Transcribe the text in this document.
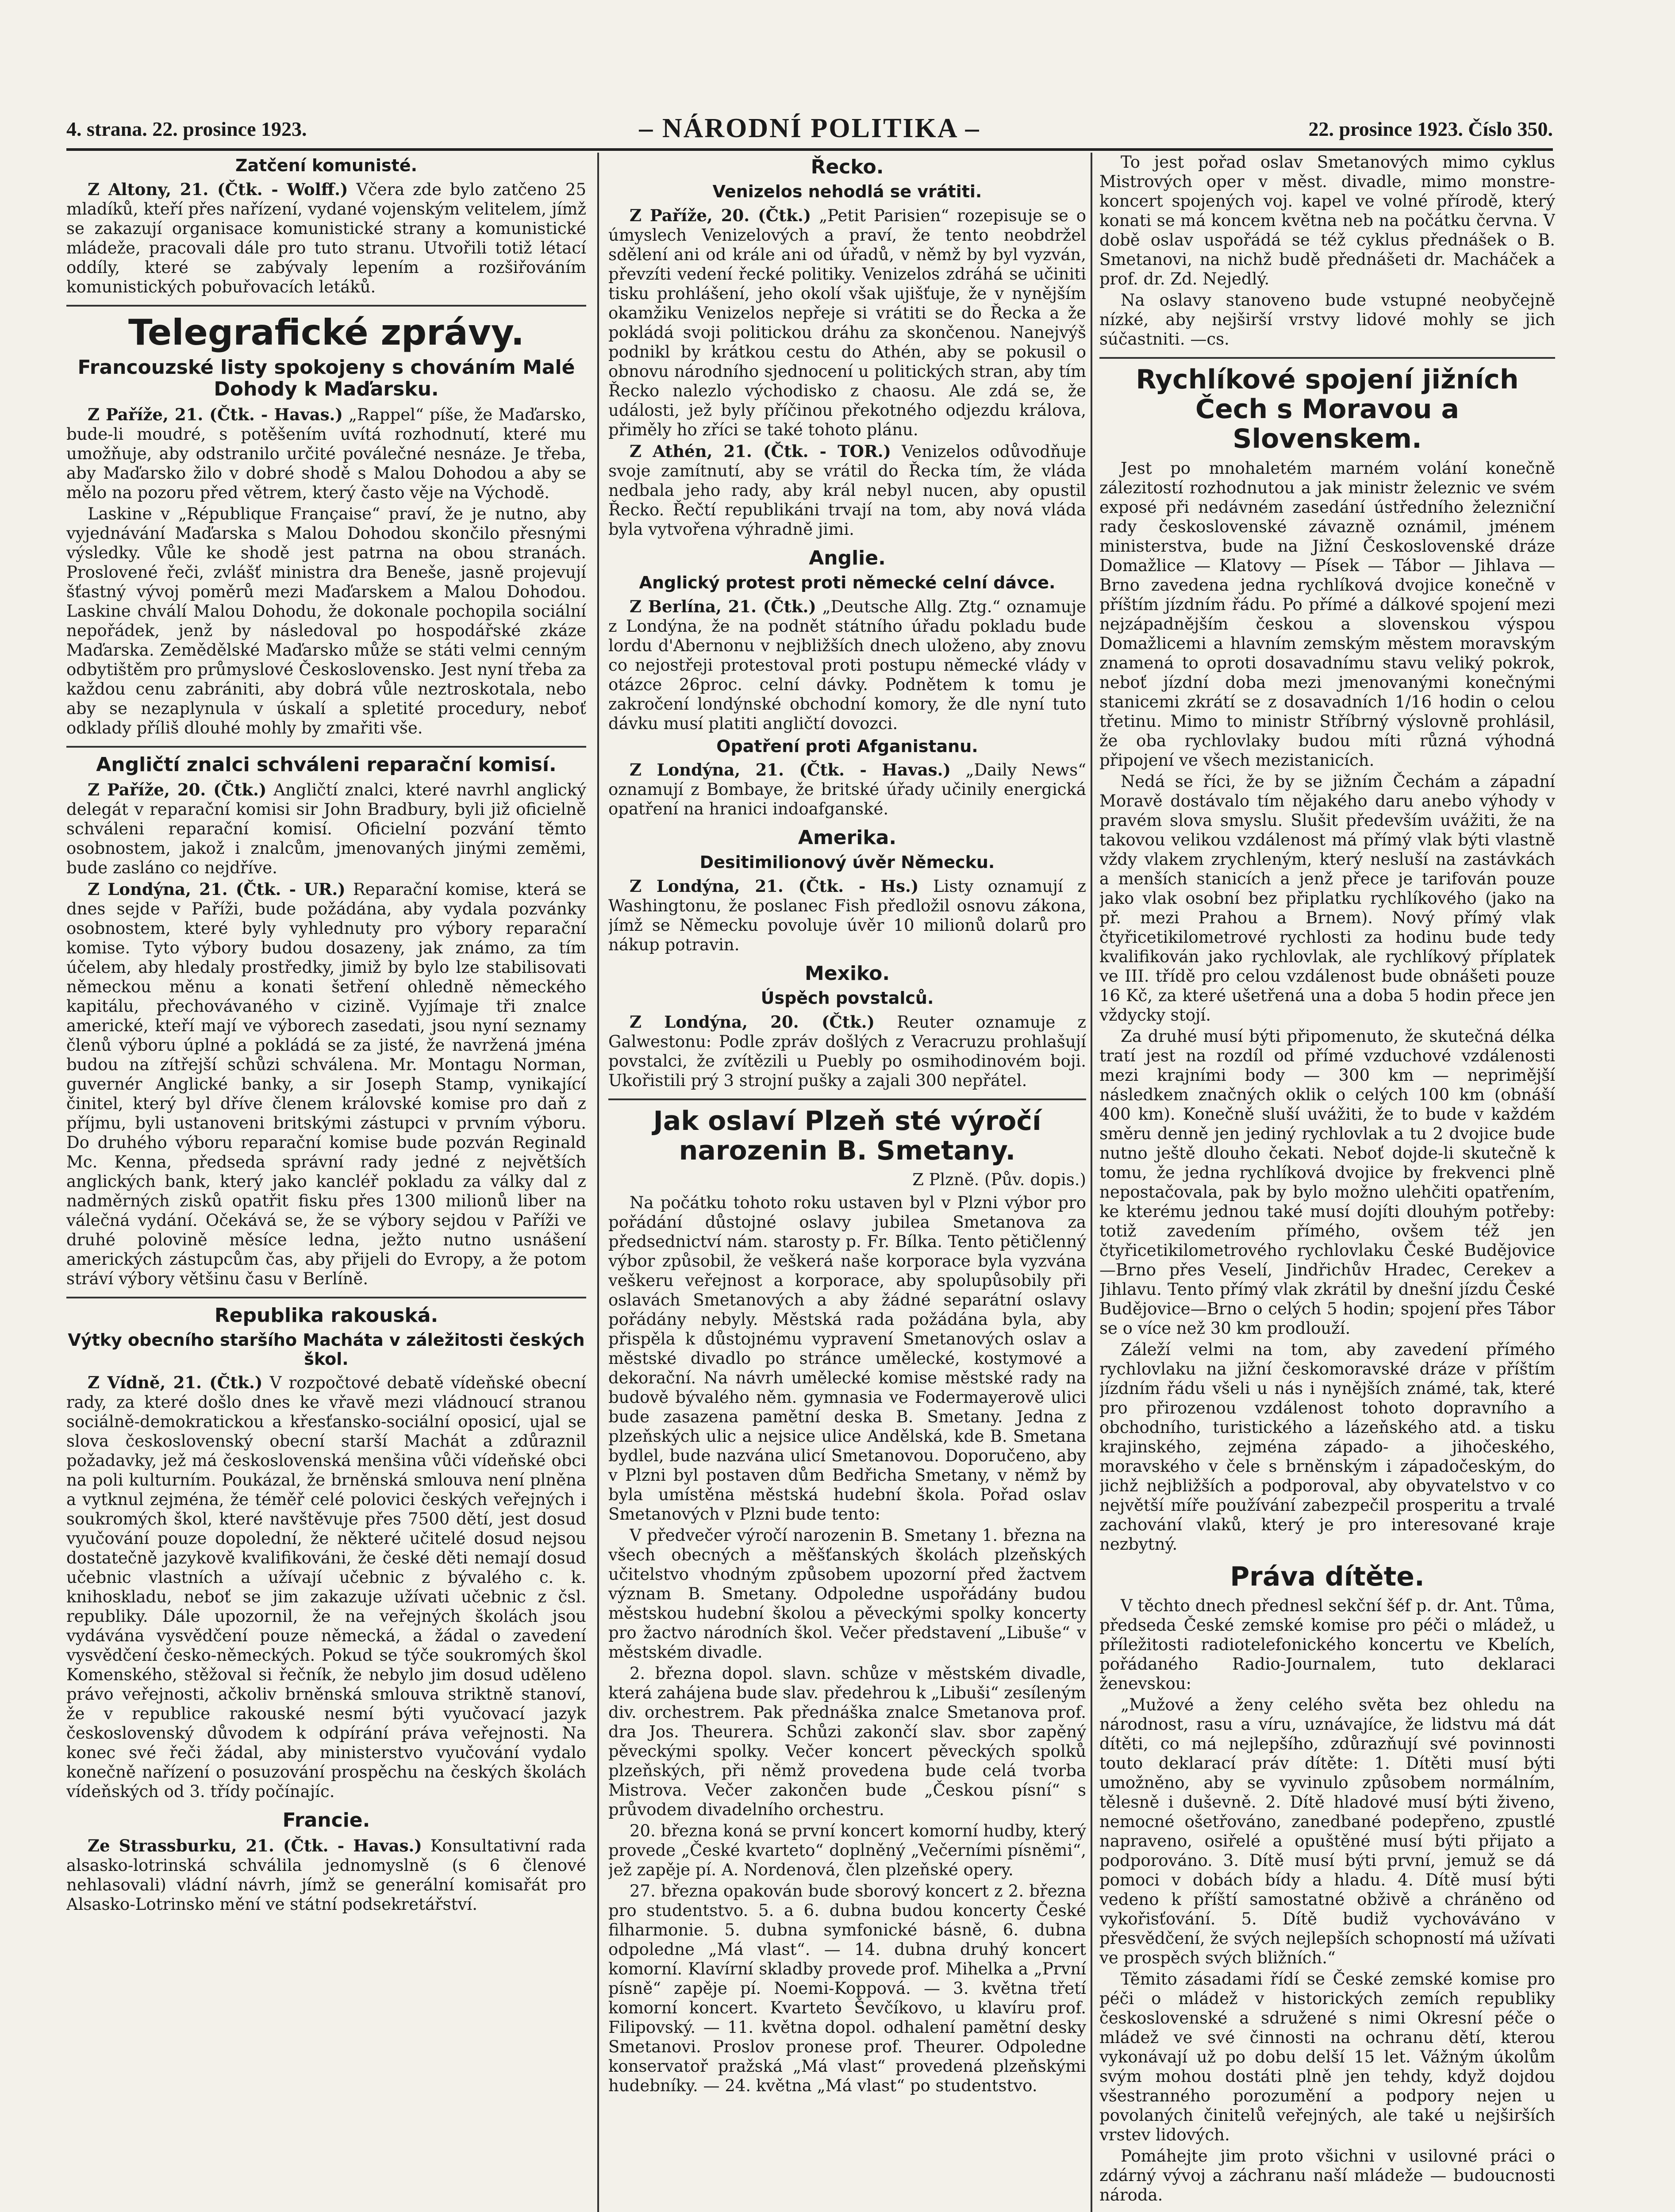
4. strana. 22. prosince 1923.	– NÁRODNÍ POLITIKA –	22. prosince 1923. Číslo 350.
Zatčení komunisté.

Z Altony, 21. (Čtk. - Wolff.) Včera zde bylo zatčeno 25 mladíků, kteří přes nařízení, vydané vojenským velitelem, jímž se zakazují organisace komunistické strany a komunistické mládeže, pracovali dále pro tuto stranu. Utvořili totiž létací oddíly, které se zabývaly lepením a rozšiřováním komunistických pobuřovacích letáků.

Telegrafické zprávy.
Francouzské listy spokojeny s chováním Malé Dohody k Maďarsku.

Z Paříže, 21. (Čtk. - Havas.) „Rappel“ píše, že Maďarsko, bude-li moudré, s potěšením uvítá rozhodnutí, které mu umožňuje, aby odstranilo určité poválečné nesnáze. Je třeba, aby Maďarsko žilo v dobré shodě s Malou Dohodou a aby se mělo na pozoru před větrem, který často věje na Východě.

Laskine v „République Française“ praví, že je nutno, aby vyjednávání Maďarska s Malou Dohodou skončilo přesnými výsledky. Vůle ke shodě jest patrna na obou stranách. Proslovené řeči, zvlášť ministra dra Beneše, jasně projevují šťastný vývoj poměrů mezi Maďarskem a Malou Dohodou. Laskine chválí Malou Dohodu, že dokonale pochopila sociální nepořádek, jenž by následoval po hospodářské zkáze Maďarska. Zemědělské Maďarsko může se státi velmi cenným odbytištěm pro průmyslové Československo. Jest nyní třeba za každou cenu zabrániti, aby dobrá vůle neztroskotala, nebo aby se nezaplynula v úskalí a spletité procedury, neboť odklady příliš dlouhé mohly by zmařiti vše.

Angličtí znalci schváleni reparační komisí.

Z Paříže, 20. (Čtk.) Angličtí znalci, které navrhl anglický delegát v reparační komisi sir John Bradbury, byli již oficielně schváleni reparační komisí. Oficielní pozvání těmto osobnostem, jakož i znalcům, jmenovaných jinými zeměmi, bude zasláno co nejdříve.

Z Londýna, 21. (Čtk. - UR.) Reparační komise, která se dnes sejde v Paříži, bude požádána, aby vydala pozvánky osobnostem, které byly vyhlednuty pro výbory reparační komise. Tyto výbory budou dosazeny, jak známo, za tím účelem, aby hledaly prostředky, jimiž by bylo lze stabilisovati německou měnu a konati šetření ohledně německého kapitálu, přechovávaného v cizině. Vyjímaje tři znalce americké, kteří mají ve výborech zasedati, jsou nyní seznamy členů výboru úplné a pokládá se za jisté, že navržená jména budou na zítřejší schůzi schválena. Mr. Montagu Norman, guvernér Anglické banky, a sir Joseph Stamp, vynikající činitel, který byl dříve členem královské komise pro daň z příjmu, byli ustanoveni britskými zástupci v prvním výboru. Do druhého výboru reparační komise bude pozván Reginald Mc. Kenna, předseda správní rady jedné z největších anglických bank, který jako kancléř pokladu za války dal z nadměrných zisků opatřit fisku přes 1300 milionů liber na válečná vydání. Očekává se, že se výbory sejdou v Paříži ve druhé polovině měsíce ledna, ježto nutno usnášení amerických zástupcům čas, aby přijeli do Evropy, a že potom stráví výbory většinu času v Berlíně.

Republika rakouská.
Výtky obecního staršího Macháta v záležitosti českých škol.

Z Vídně, 21. (Čtk.) V rozpočtové debatě vídeňské obecní rady, za které došlo dnes ke vřavě mezi vládnoucí stranou sociálně-demokratickou a křesťansko-sociální oposicí, ujal se slova československý obecní starší Machát a zdůraznil požadavky, jež má československá menšina vůči vídeňské obci na poli kulturním. Poukázal, že brněnská smlouva není plněna a vytknul zejména, že téměř celé polovici českých veřejných i soukromých škol, které navštěvuje přes 7500 dětí, jest dosud vyučování pouze dopolední, že některé učitelé dosud nejsou dostatečně jazykově kvalifikováni, že české děti nemají dosud učebnic vlastních a užívají učebnic z bývalého c. k. knihoskladu, neboť se jim zakazuje užívati učebnic z čsl. republiky. Dále upozornil, že na veřejných školách jsou vydávána vysvědčení pouze německá, a žádal o zavedení vysvědčení česko-německých. Pokud se týče soukromých škol Komenského, stěžoval si řečník, že nebylo jim dosud uděleno právo veřejnosti, ačkoliv brněnská smlouva striktně stanoví, že v republice rakouské nesmí býti vyučovací jazyk československý důvodem k odpírání práva veřejnosti. Na konec své řeči žádal, aby ministerstvo vyučování vydalo konečně nařízení o posuzování prospěchu na českých školách vídeňských od 3. třídy počínajíc.

Francie.

Ze Strassburku, 21. (Čtk. - Havas.) Konsultativní rada alsasko-lotrinská schválila jednomyslně (s 6 členové nehlasovali) vládní návrh, jímž se generální komisařát pro Alsasko-Lotrinsko mění ve státní podsekretářství.

Řecko.
Venizelos nehodlá se vrátiti.

Z Paříže, 20. (Čtk.) „Petit Parisien“ rozepisuje se o úmyslech Venizelových a praví, že tento neobdržel sdělení ani od krále ani od úřadů, v němž by byl vyzván, převzíti vedení řecké politiky. Venizelos zdráhá se učiniti tisku prohlášení, jeho okolí však ujišťuje, že v nynějším okamžiku Venizelos nepřeje si vrátiti se do Řecka a že pokládá svoji politickou dráhu za skončenou. Nanejvýš podnikl by krátkou cestu do Athén, aby se pokusil o obnovu národního sjednocení u politických stran, aby tím Řecko nalezlo východisko z chaosu. Ale zdá se, že události, jež byly příčinou překotného odjezdu králova, přiměly ho zříci se také tohoto plánu.

Z Athén, 21. (Čtk. - TOR.) Venizelos odůvodňuje svoje zamítnutí, aby se vrátil do Řecka tím, že vláda nedbala jeho rady, aby král nebyl nucen, aby opustil Řecko. Řečtí republikáni trvají na tom, aby nová vláda byla vytvořena výhradně jimi.

Anglie.
Anglický protest proti německé celní dávce.

Z Berlína, 21. (Čtk.) „Deutsche Allg. Ztg.“ oznamuje z Londýna, že na podnět státního úřadu pokladu bude lordu d'Abernonu v nejbližších dnech uloženo, aby znovu co nejostřeji protestoval proti postupu německé vlády v otázce 26proc. celní dávky. Podnětem k tomu je zakročení londýnské obchodní komory, že dle nyní tuto dávku musí platiti angličtí dovozci.

Opatření proti Afganistanu.

Z Londýna, 21. (Čtk. - Havas.) „Daily News“ oznamují z Bombaye, že britské úřady učinily energická opatření na hranici indoafganské.

Amerika.
Desitimilionový úvěr Německu.

Z Londýna, 21. (Čtk. - Hs.) Listy oznamují z Washingtonu, že poslanec Fish předložil osnovu zákona, jímž se Německu povoluje úvěr 10 milionů dolarů pro nákup potravin.

Mexiko.
Úspěch povstalců.

Z Londýna, 20. (Čtk.) Reuter oznamuje z Galwestonu: Podle zpráv došlých z Veracruzu prohlašují povstalci, že zvítězili u Puebly po osmihodinovém boji. Ukořistili prý 3 strojní pušky a zajali 300 nepřátel.

Jak oslaví Plzeň sté výročí narozenin B. Smetany.
Z Plzně. (Pův. dopis.)

Na počátku tohoto roku ustaven byl v Plzni výbor pro pořádání důstojné oslavy jubilea Smetanova za předsednictví nám. starosty p. Fr. Bílka. Tento pětičlenný výbor způsobil, že veškerá naše korporace byla vyzvána veškeru veřejnost a korporace, aby spolupůsobily při oslavách Smetanových a aby žádné separátní oslavy pořádány nebyly. Městská rada požádána byla, aby přispěla k důstojnému vypravení Smetanových oslav a městské divadlo po stránce umělecké, kostymové a dekorační. Na návrh umělecké komise městské rady na budově bývalého něm. gymnasia ve Fodermayerově ulici bude zasazena pamětní deska B. Smetany. Jedna z plzeňských ulic a nejsice ulice Andělská, kde B. Smetana bydlel, bude nazvána ulicí Smetanovou. Doporučeno, aby v Plzni byl postaven dům Bedřicha Smetany, v němž by byla umístěna městská hudební škola. Pořad oslav Smetanových v Plzni bude tento:

V předvečer výročí narozenin B. Smetany 1. března na všech obecných a měšťanských školách plzeňských učitelstvo vhodným způsobem upozorní před žactvem význam B. Smetany. Odpoledne uspořádány budou městskou hudební školou a pěveckými spolky koncerty pro žactvo národních škol. Večer představení „Libuše“ v městském divadle.

2. března dopol. slavn. schůze v městském divadle, která zahájena bude slav. předehrou k „Libuši“ zesíleným div. orchestrem. Pak přednáška znalce Smetanova prof. dra Jos. Theurera. Schůzi zakončí slav. sbor zapěný pěveckými spolky. Večer koncert pěveckých spolků plzeňských, při němž provedena bude celá tvorba Mistrova. Večer zakončen bude „Českou písní“ s průvodem divadelního orchestru.

20. března koná se první koncert komorní hudby, který provede „České kvarteto“ doplněný „Večerními písněmi“, jež zapěje pí. A. Nordenová, člen plzeňské opery.

27. března opakován bude sborový koncert z 2. března pro studentstvo. 5. a 6. dubna budou koncerty České filharmonie. 5. dubna symfonické básně, 6. dubna odpoledne „Má vlast“. — 14. dubna druhý koncert komorní. Klavírní skladby provede prof. Mihelka a „První písně“ zapěje pí. Noemi-Koppová. — 3. května třetí komorní koncert. Kvarteto Ševčíkovo, u klavíru prof. Filipovský. — 11. května dopol. odhalení pamětní desky Smetanovi. Proslov pronese prof. Theurer. Odpoledne konservatoř pražská „Má vlast“ provedená plzeňskými hudebníky. — 24. května „Má vlast“ po studentstvo.

To jest pořad oslav Smetanových mimo cyklus Mistrových oper v měst. divadle, mimo monstre-koncert spojených voj. kapel ve volné přírodě, který konati se má koncem května neb na počátku června. V době oslav uspořádá se též cyklus přednášek o B. Smetanovi, na nichž budě přednášeti dr. Macháček a prof. dr. Zd. Nejedlý.

Na oslavy stanoveno bude vstupné neobyčejně nízké, aby nejširší vrstvy lidové mohly se jich súčastniti. —cs.

Rychlíkové spojení jižních Čech s Moravou a Slovenskem.

Jest po mnohaletém marném volání konečně zálezitostí rozhodnutou a jak ministr železnic ve svém exposé při nedávném zasedání ústředního železniční rady československé závazně oznámil, jménem ministerstva, bude na Jižní Československé dráze Domažlice — Klatovy — Písek — Tábor — Jihlava — Brno zavedena jedna rychlíková dvojice konečně v příštím jízdním řádu. Po přímé a dálkové spojení mezi nejzápadnějším českou a slovenskou výspou Domažlicemi a hlavním zemským městem moravským znamená to oproti dosavadnímu stavu veliký pokrok, neboť jízdní doba mezi jmenovanými konečnými stanicemi zkrátí se z dosavadních 1/16 hodin o celou třetinu. Mimo to ministr Stříbrný výslovně prohlásil, že oba rychlovlaky budou míti různá výhodná připojení ve všech mezistanicích.

Nedá se říci, že by se jižním Čechám a západní Moravě dostávalo tím nějakého daru anebo výhody v pravém slova smyslu. Slušit především uvážiti, že na takovou velikou vzdálenost má přímý vlak býti vlastně vždy vlakem zrychleným, který nesluší na zastávkách a menších stanicích a jenž přece je tarifován pouze jako vlak osobní bez připlatku rychlíkového (jako na př. mezi Prahou a Brnem). Nový přímý vlak čtyřicetikilometrové rychlosti za hodinu bude tedy kvalifikován jako rychlovlak, ale rychlíkový příplatek ve III. třídě pro celou vzdálenost bude obnášeti pouze 16 Kč, za které ušetřená una a doba 5 hodin přece jen vždycky stojí.

Za druhé musí býti připomenuto, že skutečná délka tratí jest na rozdíl od přímé vzduchové vzdálenosti mezi krajními body — 300 km — neprimější následkem značných oklik o celých 100 km (obnáší 400 km). Konečně sluší uvážiti, že to bude v každém směru denně jen jediný rychlovlak a tu 2 dvojice bude nutno ještě dlouho čekati. Neboť dojde-li skutečně k tomu, že jedna rychlíková dvojice by frekvenci plně nepostačovala, pak by bylo možno ulehčiti opatřením, ke kterému jednou také musí dojíti dlouhým potřeby: totiž zavedením přímého, ovšem též jen čtyřicetikilometrového rychlovlaku České Budějovice—Brno přes Veselí, Jindřichův Hradec, Cerekev a Jihlavu. Tento přímý vlak zkrátil by dnešní jízdu České Budějovice—Brno o celých 5 hodin; spojení přes Tábor se o více než 30 km prodlouží.

Záleží velmi na tom, aby zavedení přímého rychlovlaku na jižní českomoravské dráze v příštím jízdním řádu všeli u nás i nynějších známé, tak, které pro přirozenou vzdálenost tohoto dopravního a obchodního, turistického a lázeňského atd. a tisku krajinského, zejména západo- a jihočeského, moravského v čele s brněnským i západočeským, do jichž nejbližších a podporoval, aby obyvatelstvo v co největší míře používání zabezpečil prosperitu a trvalé zachování vlaků, který je pro interesované kraje nezbytný.

Práva dítěte.

V těchto dnech přednesl sekční šéf p. dr. Ant. Tůma, předseda České zemské komise pro péči o mládež, u příležitosti radiotelefonického koncertu ve Kbelích, pořádaného Radio-Journalem, tuto deklaraci ženevskou:

„Mužové a ženy celého světa bez ohledu na národnost, rasu a víru, uznávajíce, že lidstvu má dát dítěti, co má nejlepšího, zdůrazňují své povinnosti touto deklarací práv dítěte: 1. Dítěti musí býti umožněno, aby se vyvinulo způsobem normálním, tělesně i duševně. 2. Dítě hladové musí býti živeno, nemocné ošetřováno, zanedbané podepřeno, zpustlé napraveno, osiřelé a opuštěné musí býti přijato a podporováno. 3. Dítě musí býti první, jemuž se dá pomoci v dobách bídy a hladu. 4. Dítě musí býti vedeno k příští samostatné obživě a chráněno od vykořisťování. 5. Dítě budiž vychováváno v přesvědčení, že svých nejlepších schopností má užívati ve prospěch svých bližních.“

Těmito zásadami řídí se České zemské komise pro péči o mládež v historických zemích republiky československé a sdružené s nimi Okresní péče o mládež ve své činnosti na ochranu dětí, kterou vykonávají už po dobu delší 15 let. Vážným úkolům svým mohou dostáti plně jen tehdy, když dojdou všestranného porozumění a podpory nejen u povolaných činitelů veřejných, ale také u nejširších vrstev lidových.

Pomáhejte jim proto všichni v usilovné práci o zdárný vývoj a záchranu naší mládeže — budoucnosti národa.
